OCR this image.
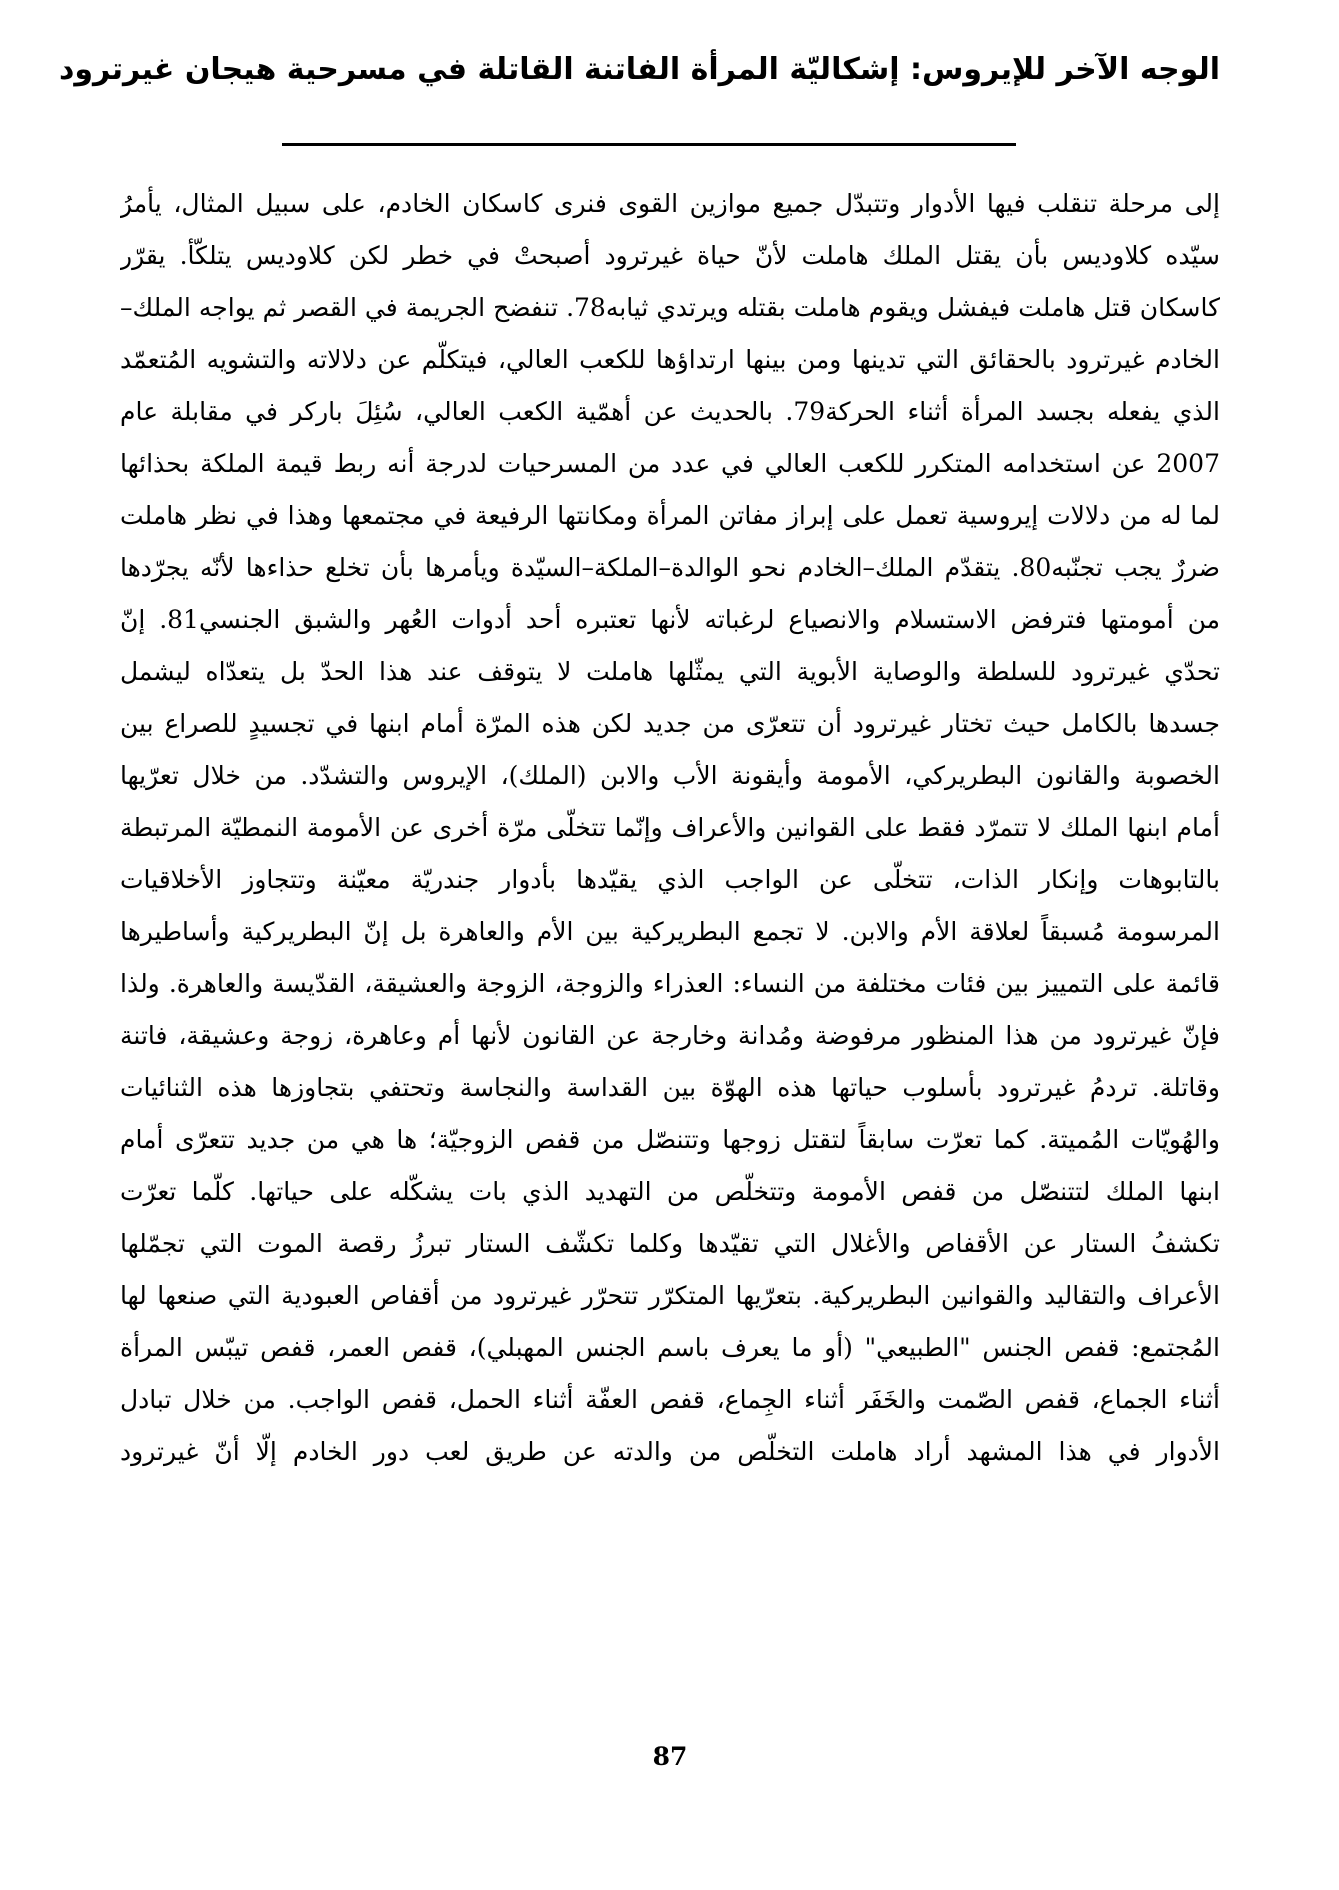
الوجه الآخر للإيروس: إشكاليّة المرأة الفاتنة القاتلة في مسرحية هيجان غيرترود
إلى مرحلة تنقلب فيها الأدوار وتتبدّل جميع موازين القوى فنرى كاسكان الخادم، على سبيل المثال، يأمرُ
سيّده كلاوديس بأن يقتل الملك هاملت لأنّ حياة غيرترود أصبحتْ في خطر لكن كلاوديس يتلكّأ. يقرّر
كاسكان قتل هاملت فيفشل ويقوم هاملت بقتله ويرتدي ثيابه78. تنفضح الجريمة في القصر ثم يواجه الملك–
الخادم غيرترود بالحقائق التي تدينها ومن بينها ارتداؤها للكعب العالي، فيتكلّم عن دلالاته والتشويه المُتعمّد
الذي يفعله بجسد المرأة أثناء الحركة79. بالحديث عن أهمّية الكعب العالي، سُئِلَ باركر في مقابلة عام
2007 عن استخدامه المتكرر للكعب العالي في عدد من المسرحيات لدرجة أنه ربط قيمة الملكة بحذائها
لما له من دلالات إيروسية تعمل على إبراز مفاتن المرأة ومكانتها الرفيعة في مجتمعها وهذا في نظر هاملت
ضررٌ يجب تجنّبه80. يتقدّم الملك–الخادم نحو الوالدة–الملكة–السيّدة ويأمرها بأن تخلع حذاءها لأنّه يجرّدها
من أمومتها فترفض الاستسلام والانصياع لرغباته لأنها تعتبره أحد أدوات العُهر والشبق الجنسي81. إنّ
تحدّي غيرترود للسلطة والوصاية الأبوية التي يمثّلها هاملت لا يتوقف عند هذا الحدّ بل يتعدّاه ليشمل
جسدها بالكامل حيث تختار غيرترود أن تتعرّى من جديد لكن هذه المرّة أمام ابنها في تجسيدٍ للصراع بين
الخصوبة والقانون البطريركي، الأمومة وأيقونة الأب والابن (الملك)، الإيروس والتشدّد. من خلال تعرّيها
أمام ابنها الملك لا تتمرّد فقط على القوانين والأعراف وإنّما تتخلّى مرّة أخرى عن الأمومة النمطيّة المرتبطة
بالتابوهات وإنكار الذات، تتخلّى عن الواجب الذي يقيّدها بأدوار جندريّة معيّنة وتتجاوز الأخلاقيات
المرسومة مُسبقاً لعلاقة الأم والابن. لا تجمع البطريركية بين الأم والعاهرة بل إنّ البطريركية وأساطيرها
قائمة على التمييز بين فئات مختلفة من النساء: العذراء والزوجة، الزوجة والعشيقة، القدّيسة والعاهرة. ولذا
فإنّ غيرترود من هذا المنظور مرفوضة ومُدانة وخارجة عن القانون لأنها أم وعاهرة، زوجة وعشيقة، فاتنة
وقاتلة. تردمُ غيرترود بأسلوب حياتها هذه الهوّة بين القداسة والنجاسة وتحتفي بتجاوزها هذه الثنائيات
والهُويّات المُميتة. كما تعرّت سابقاً لتقتل زوجها وتتنصّل من قفص الزوجيّة؛ ها هي من جديد تتعرّى أمام
ابنها الملك لتتنصّل من قفص الأمومة وتتخلّص من التهديد الذي بات يشكّله على حياتها. كلّما تعرّت
تكشفُ الستار عن الأقفاص والأغلال التي تقيّدها وكلما تكشّف الستار تبرزُ رقصة الموت التي تجمّلها
الأعراف والتقاليد والقوانين البطريركية. بتعرّيها المتكرّر تتحرّر غيرترود من أقفاص العبودية التي صنعها لها
المُجتمع: قفص الجنس "الطبيعي" (أو ما يعرف باسم الجنس المهبلي)، قفص العمر، قفص تيبّس المرأة
أثناء الجماع، قفص الصّمت والخَفَر أثناء الجِماع، قفص العفّة أثناء الحمل، قفص الواجب. من خلال تبادل
الأدوار في هذا المشهد أراد هاملت التخلّص من والدته عن طريق لعب دور الخادم إلّا أنّ غيرترود
87
